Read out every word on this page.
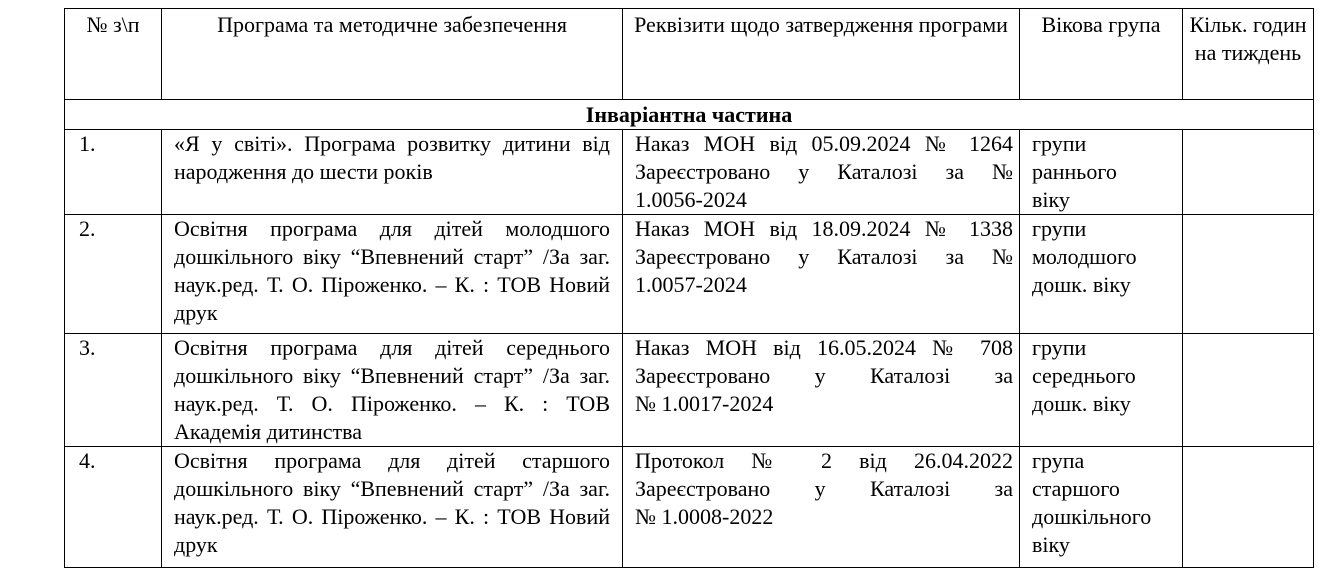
№ з\п	Програма та методичне забезпечення	Реквізити щодо затвердження програми	Вікова група	Кільк. годин на тиждень
Інваріантна частина				
1.	«Я у світі». Програма розвитку дитини від народження до шести років	Наказ МОН від 05.09.2024 № 1264
Зареєстровано у Каталозі за №
1.0056-2024	групи
раннього
віку	

2.	Освітня програма для дітей молодшого дошкільного віку “Впевнений старт” /За заг. наук.ред. Т. О. Піроженко. – К. : ТОВ Новий друк	Наказ МОН від 18.09.2024 № 1338
Зареєстровано у Каталозі за №
1.0057-2024	групи
молодшого
дошк. віку	

3.	Освітня програма для дітей середнього дошкільного віку “Впевнений старт” /За заг. наук.ред. Т. О. Піроженко. – К. : ТОВ Академія дитинства	Наказ МОН від 16.05.2024 № 708
Зареєстровано у Каталозі за
№ 1.0017-2024	групи
середнього
дошк. віку	

4.	Освітня програма для дітей старшого дошкільного віку “Впевнений старт” /За заг. наук.ред. Т. О. Піроженко. – К. : ТОВ Новий друк	Протокол № 2 від 26.04.2022
Зареєстровано у Каталозі за
№ 1.0008-2022	група
старшого
дошкільного
віку	
